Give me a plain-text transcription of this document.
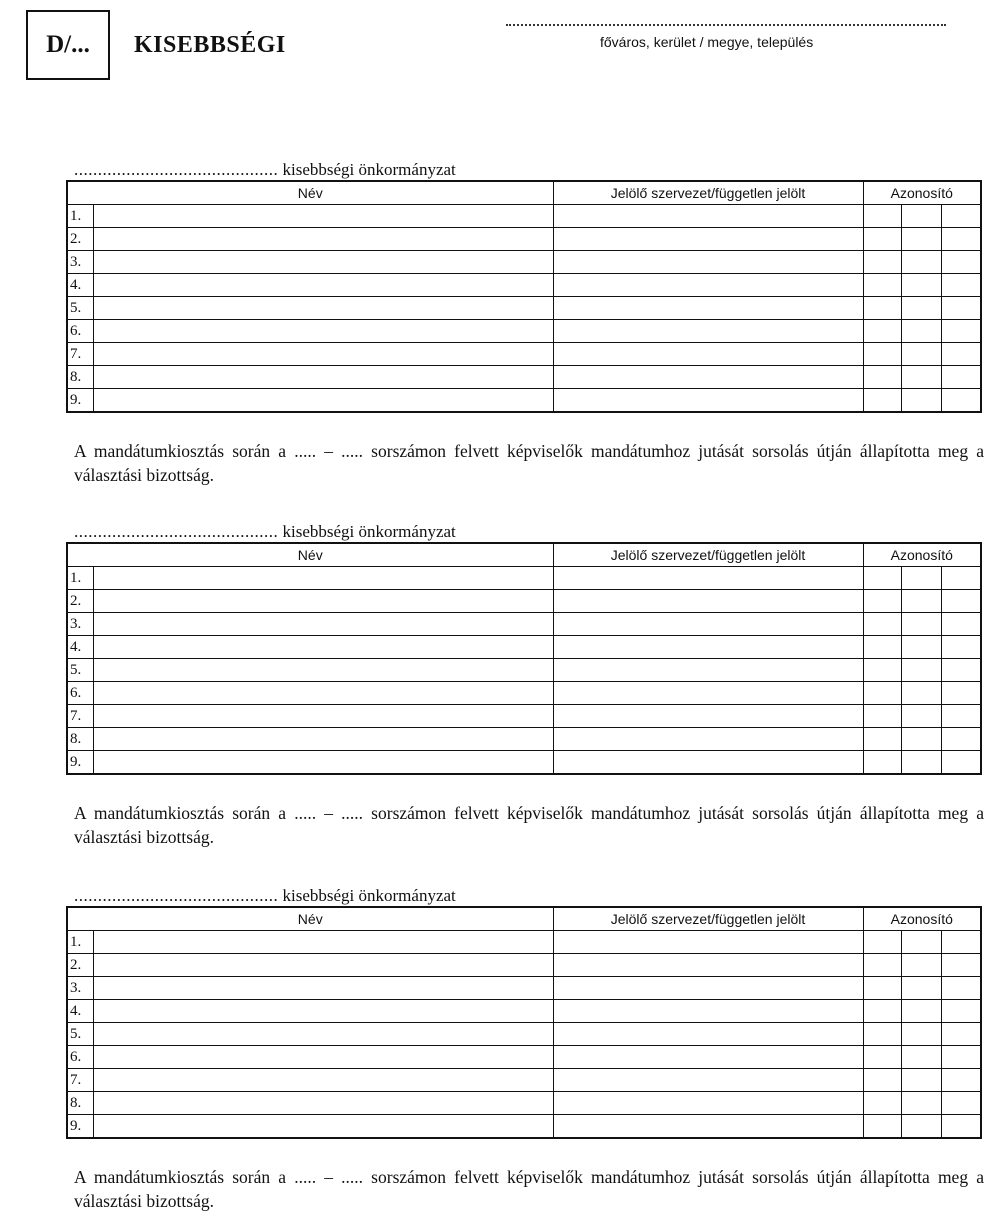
D/... KISEBBSÉGI	főváros, kerület / megye, település
........................................... kisebbségi önkormányzat
Név		Jelölő szervezet/független jelölt	Azonosító		
1.					
2.					
3.					
4.					
5.					
6.					
7.					
8.					
9.					
A mandátumkiosztás során a ..... – ..... sorszámon felvett képviselők mandátumhoz jutását sorsolás útján állapította meg a választási bizottság.
........................................... kisebbségi önkormányzat
Név		Jelölő szervezet/független jelölt	Azonosító		
1.					
2.					
3.					
4.					
5.					
6.					
7.					
8.					
9.					
A mandátumkiosztás során a ..... – ..... sorszámon felvett képviselők mandátumhoz jutását sorsolás útján állapította meg a választási bizottság.
........................................... kisebbségi önkormányzat
Név		Jelölő szervezet/független jelölt	Azonosító		
1.					
2.					
3.					
4.					
5.					
6.					
7.					
8.					
9.					
A mandátumkiosztás során a ..... – ..... sorszámon felvett képviselők mandátumhoz jutását sorsolás útján állapította meg a választási bizottság.
